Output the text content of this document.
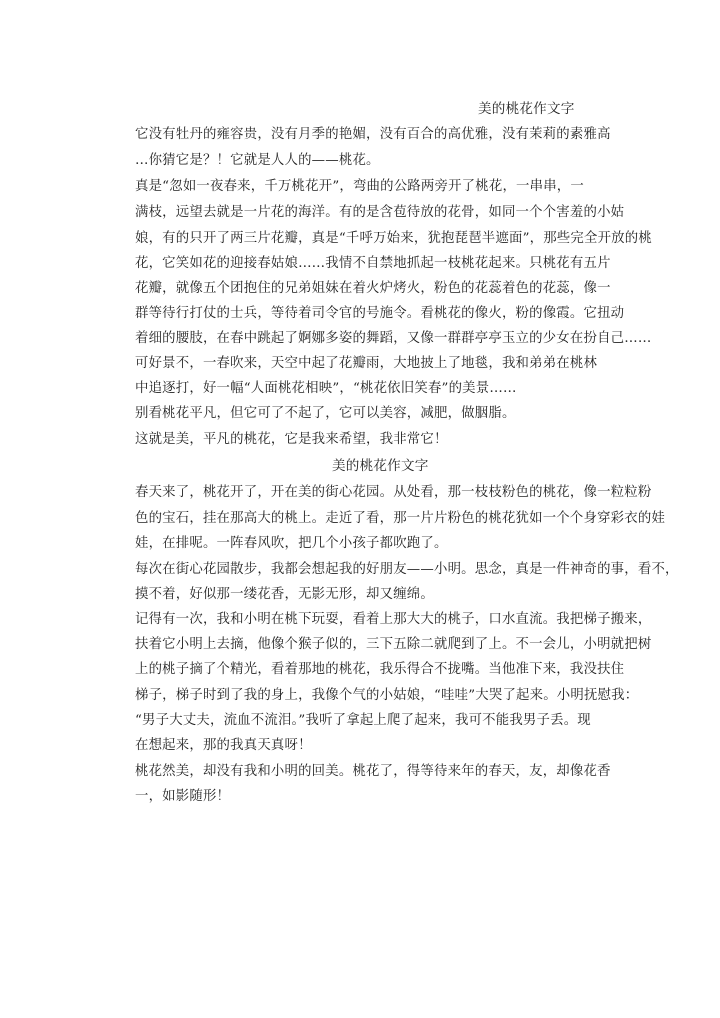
美的桃花作文字
它没有牡丹的雍容贵，没有月季的艳媚，没有百合的高优雅，没有茉莉的素雅高
…你猜它是？！它就是人人的——桃花。
真是“忽如一夜春来，千万桃花开”，弯曲的公路两旁开了桃花，一串串，一
满枝，远望去就是一片花的海洋。有的是含苞待放的花骨，如同一个个害羞的小姑
娘，有的只开了两三片花瓣，真是“千呼万始来，犹抱琵琶半遮面”，那些完全开放的桃
花，它笑如花的迎接春姑娘……我情不自禁地抓起一枝桃花起来。只桃花有五片
花瓣，就像五个团抱住的兄弟姐妹在着火炉烤火，粉色的花蕊着色的花蕊，像一
群等待行打仗的士兵，等待着司令官的号施令。看桃花的像火，粉的像霞。它扭动
着细的腰肢，在春中跳起了婀娜多姿的舞蹈，又像一群群亭亭玉立的少女在扮自己……
可好景不，一春吹来，天空中起了花瓣雨，大地披上了地毯，我和弟弟在桃林
中追逐打，好一幅“人面桃花相映”，“桃花依旧笑春”的美景……
别看桃花平凡，但它可了不起了，它可以美容，减肥，做胭脂。
这就是美，平凡的桃花，它是我来希望，我非常它！
美的桃花作文字
春天来了，桃花开了，开在美的街心花园。从处看，那一枝枝粉色的桃花，像一粒粒粉
色的宝石，挂在那高大的桃上。走近了看，那一片片粉色的桃花犹如一个个身穿彩衣的娃
娃，在排呢。一阵春风吹，把几个小孩子都吹跑了。
每次在街心花园散步，我都会想起我的好朋友——小明。思念，真是一件神奇的事，看不，
摸不着，好似那一缕花香，无影无形，却又缠绵。
记得有一次，我和小明在桃下玩耍，看着上那大大的桃子，口水直流。我把梯子搬来，
扶着它小明上去摘，他像个猴子似的，三下五除二就爬到了上。不一会儿，小明就把树
上的桃子摘了个精光，看着那地的桃花，我乐得合不拢嘴。当他准下来，我没扶住
梯子，梯子时到了我的身上，我像个气的小姑娘，“哇哇”大哭了起来。小明抚慰我：
“男子大丈夫，流血不流泪。”我听了拿起上爬了起来，我可不能我男子丢。现
在想起来，那的我真天真呀！
桃花然美，却没有我和小明的回美。桃花了，得等待来年的春天，友，却像花香
一，如影随形！
